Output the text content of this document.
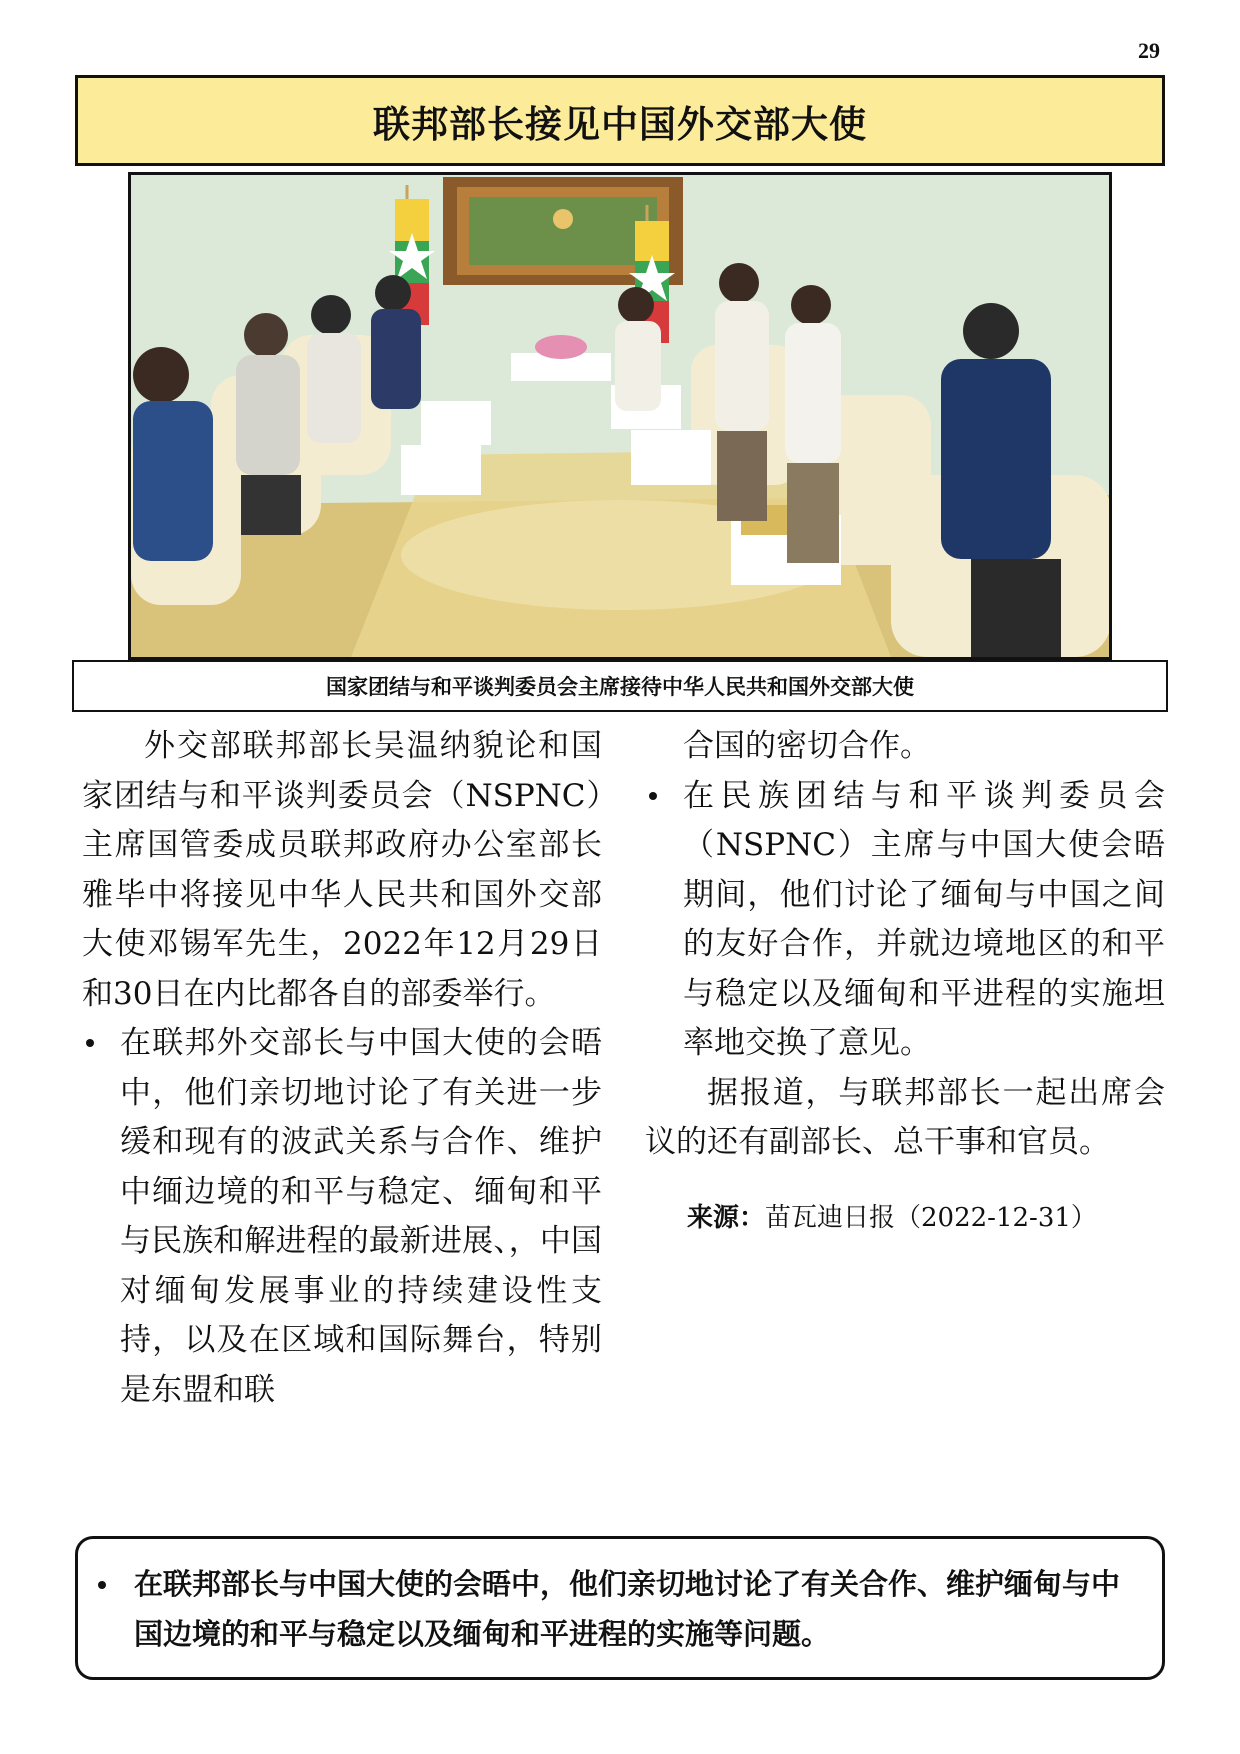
29
联邦部长接见中国外交部大使
国家团结与和平谈判委员会主席接待中华人民共和国外交部大使

外交部联邦部长吴温纳貌论和国家团结与和平谈判委员会（NSPNC）主席国管委成员联邦政府办公室部长雅毕中将接见中华人民共和国外交部大使邓锡军先生，2022年12月29日和30日在内比都各自的部委举行。

在联邦外交部长与中国大使的会晤中，他们亲切地讨论了有关进一步缓和现有的波武关系与合作、维护中缅边境的和平与稳定、缅甸和平与民族和解进程的最新进展、，中国对缅甸发展事业的持续建设性支持，以及在区域和国际舞台，特别是东盟和联

合国的密切合作。

在民族团结与和平谈判委员会（NSPNC）主席与中国大使会晤期间，他们讨论了缅甸与中国之间的友好合作，并就边境地区的和平与稳定以及缅甸和平进程的实施坦率地交换了意见。

据报道，与联邦部长一起出席会议的还有副部长、总干事和官员。

来源：苗瓦迪日报（2022-12-31）

在联邦部长与中国大使的会晤中，他们亲切地讨论了有关合作、维护缅甸与中国边境的和平与稳定以及缅甸和平进程的实施等问题。
